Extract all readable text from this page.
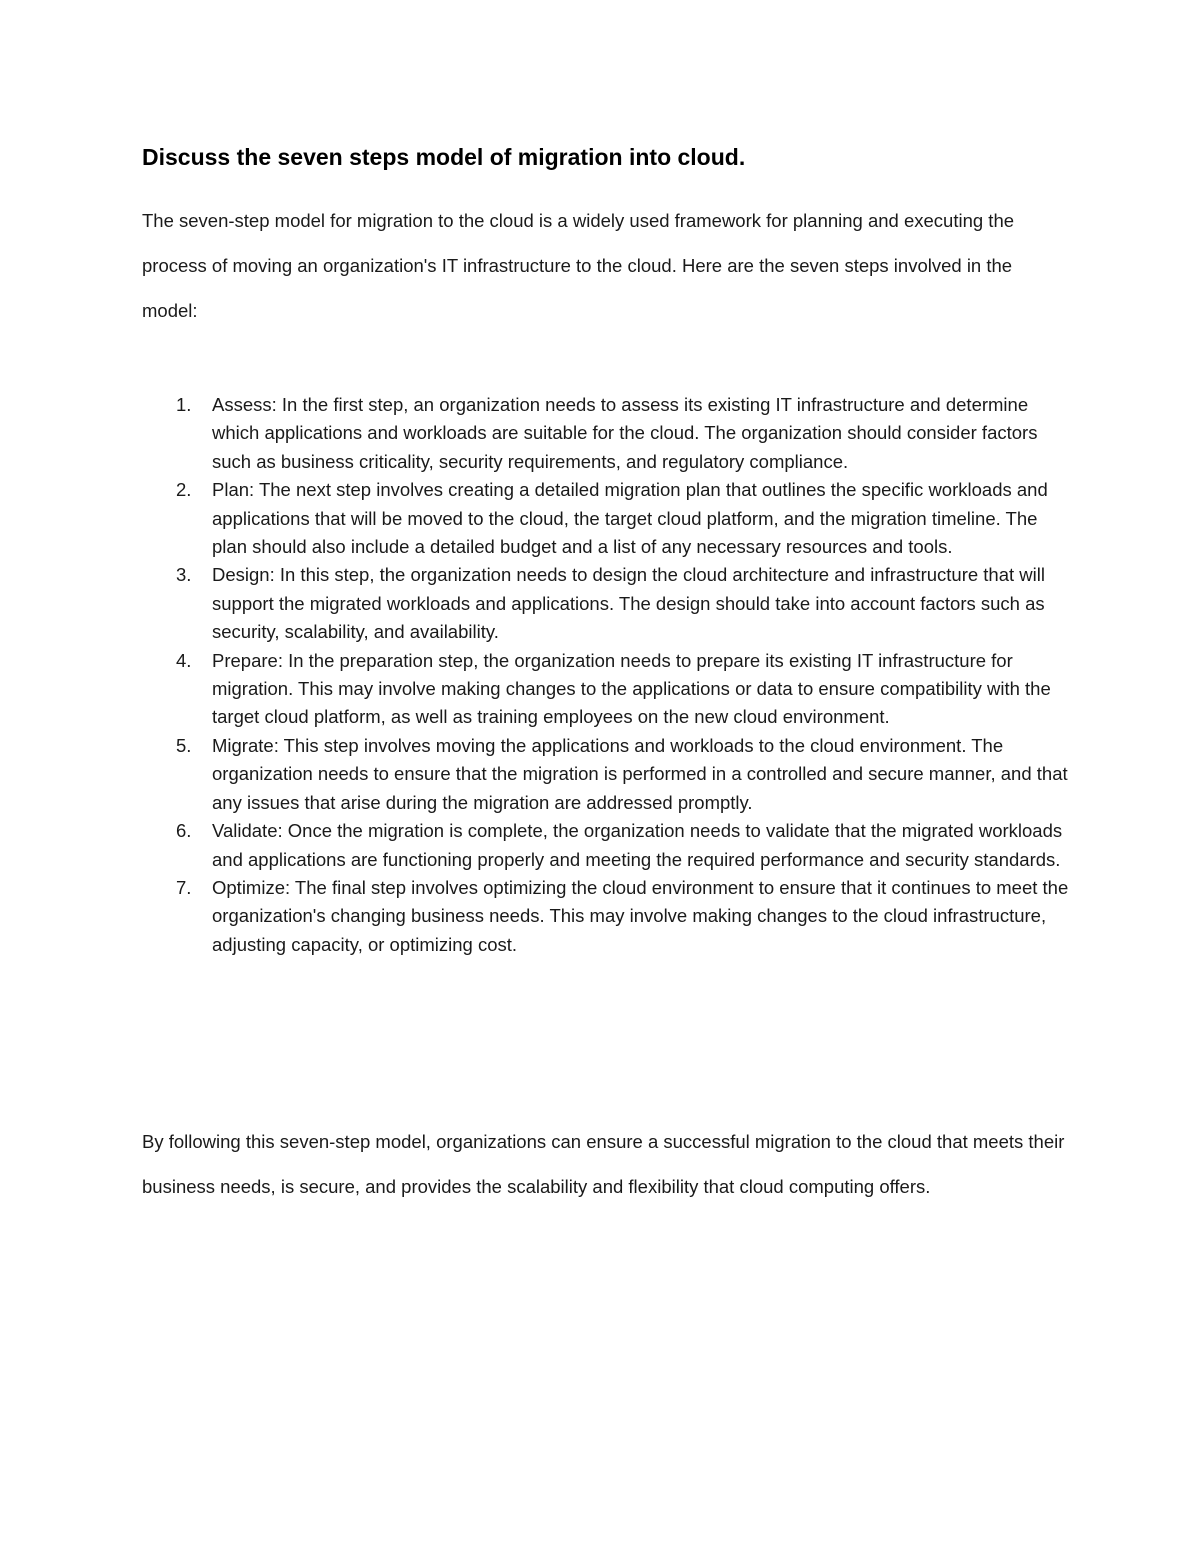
Discuss the seven steps model of migration into cloud.

The seven-step model for migration to the cloud is a widely used framework for planning and executing the process of moving an organization's IT infrastructure to the cloud. Here are the seven steps involved in the model:

1.	Assess: In the first step, an organization needs to assess its existing IT infrastructure and determine which applications and workloads are suitable for the cloud. The organization should consider factors such as business criticality, security requirements, and regulatory compliance.
2.	Plan: The next step involves creating a detailed migration plan that outlines the specific workloads and applications that will be moved to the cloud, the target cloud platform, and the migration timeline. The plan should also include a detailed budget and a list of any necessary resources and tools.
3.	Design: In this step, the organization needs to design the cloud architecture and infrastructure that will support the migrated workloads and applications. The design should take into account factors such as security, scalability, and availability.
4.	Prepare: In the preparation step, the organization needs to prepare its existing IT infrastructure for migration. This may involve making changes to the applications or data to ensure compatibility with the target cloud platform, as well as training employees on the new cloud environment.
5.	Migrate: This step involves moving the applications and workloads to the cloud environment. The organization needs to ensure that the migration is performed in a controlled and secure manner, and that any issues that arise during the migration are addressed promptly.
6.	Validate: Once the migration is complete, the organization needs to validate that the migrated workloads and applications are functioning properly and meeting the required performance and security standards.
7.	Optimize: The final step involves optimizing the cloud environment to ensure that it continues to meet the organization's changing business needs. This may involve making changes to the cloud infrastructure, adjusting capacity, or optimizing cost.

By following this seven-step model, organizations can ensure a successful migration to the cloud that meets their business needs, is secure, and provides the scalability and flexibility that cloud computing offers.
